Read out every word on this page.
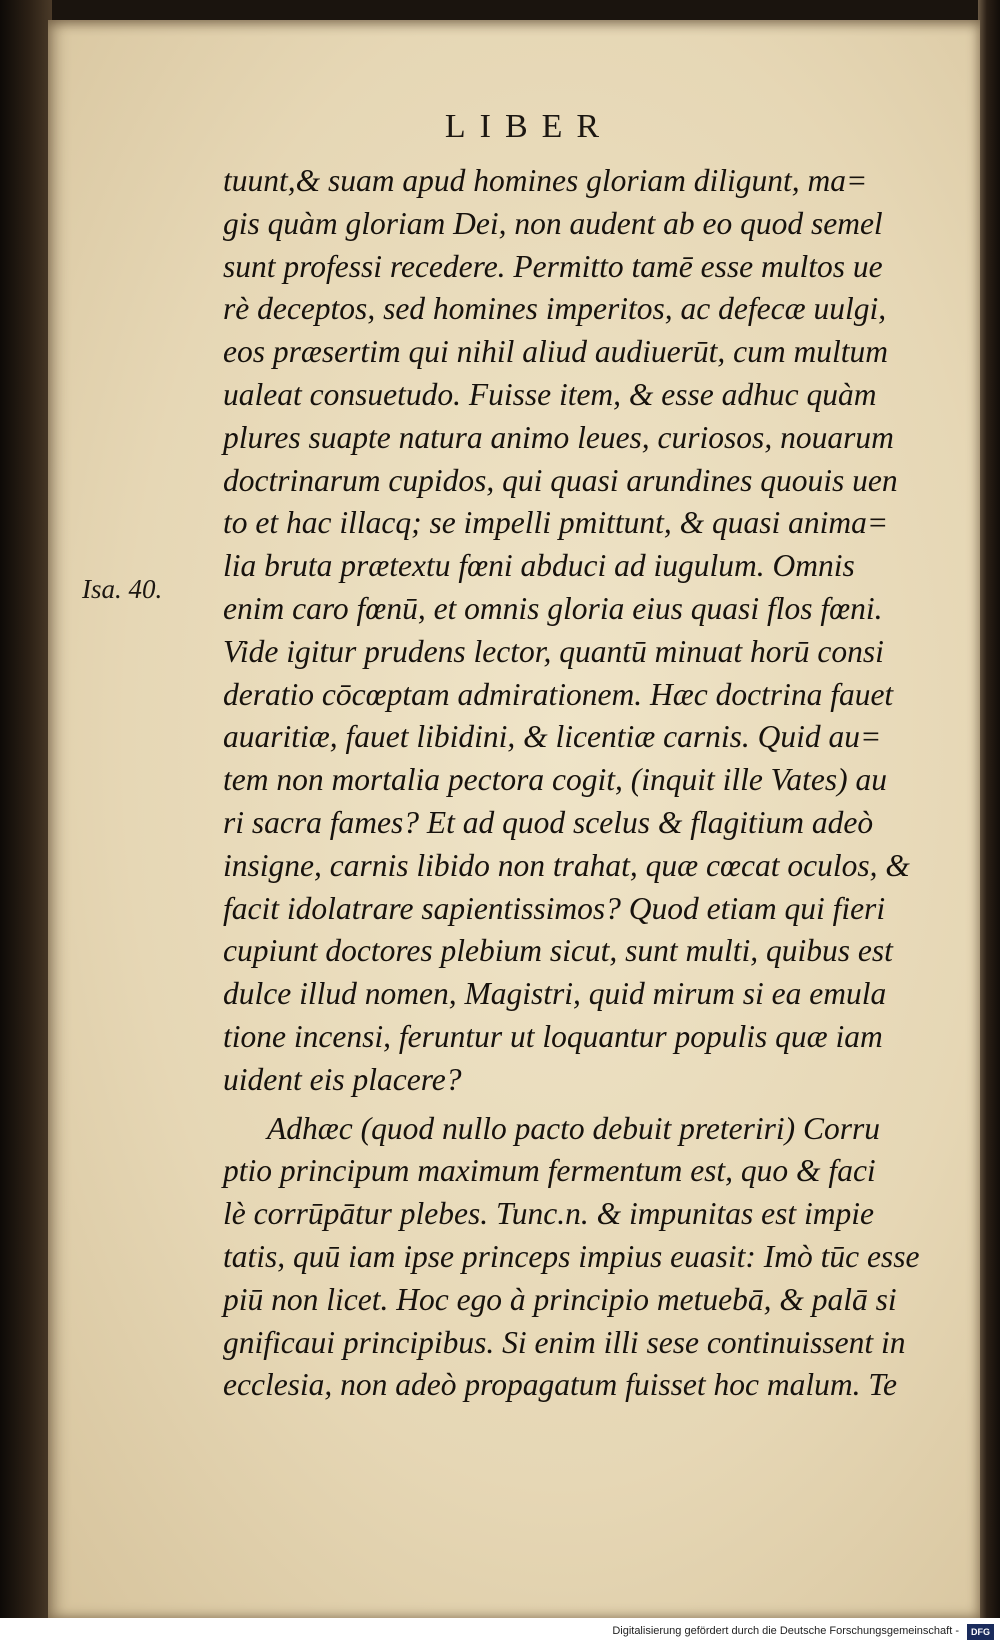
LIBER
Isa. 40.
tuunt,& suam apud homines gloriam diligunt, ma=
gis quàm gloriam Dei, non audent ab eo quod semel
sunt professi recedere. Permitto tamē esse multos ue
rè deceptos, sed homines imperitos, ac defecæ uulgi,
eos præsertim qui nihil aliud audiuerūt, cum multum
ualeat consuetudo. Fuisse item, & esse adhuc quàm
plures suapte natura animo leues, curiosos, nouarum
doctrinarum cupidos, qui quasi arundines quouis uen
to et hac illacq; se impelli pmittunt, & quasi anima=
lia bruta prætextu fœni abduci ad iugulum. Omnis
enim caro fœnū, et omnis gloria eius quasi flos fœni.
Vide igitur prudens lector, quantū minuat horū consi
deratio cōcœptam admirationem. Hæc doctrina fauet
auaritiæ, fauet libidini, & licentiæ carnis. Quid au=
tem non mortalia pectora cogit, (inquit ille Vates) au
ri sacra fames? Et ad quod scelus & flagitium adeò
insigne, carnis libido non trahat, quæ cœcat oculos, &
facit idolatrare sapientissimos? Quod etiam qui fieri
cupiunt doctores plebium sicut, sunt multi, quibus est
dulce illud nomen, Magistri, quid mirum si ea emula
tione incensi, feruntur ut loquantur populis quæ iam
uident eis placere?
Adhæc (quod nullo pacto debuit preteriri) Corru
ptio principum maximum fermentum est, quo & faci
lè corrūpātur plebes. Tunc.n. & impunitas est impie
tatis, quū iam ipse princeps impius euasit: Imò tūc esse
piū non licet. Hoc ego à principio metuebā, & palā si
gnificaui principibus. Si enim illi sese continuissent in
ecclesia, non adeò propagatum fuisset hoc malum. Te
Digitalisierung gefördert durch die Deutsche Forschungsgemeinschaft - DFG
